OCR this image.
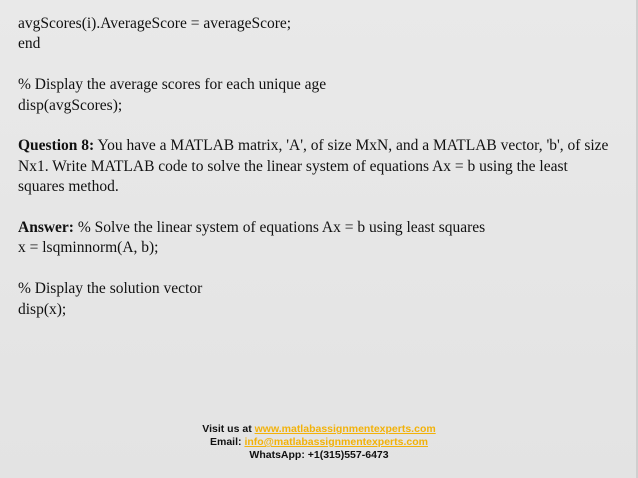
avgScores(i).AverageScore = averageScore;
end
% Display the average scores for each unique age
disp(avgScores);
Question 8: You have a MATLAB matrix, 'A', of size MxN, and a MATLAB vector, 'b', of size Nx1. Write MATLAB code to solve the linear system of equations Ax = b using the least squares method.
Answer: % Solve the linear system of equations Ax = b using least squares
x = lsqminnorm(A, b);
% Display the solution vector
disp(x);
Visit us at www.matlabassignmentexperts.com
Email: info@matlabassignmentexperts.com
WhatsApp: +1(315)557-6473
